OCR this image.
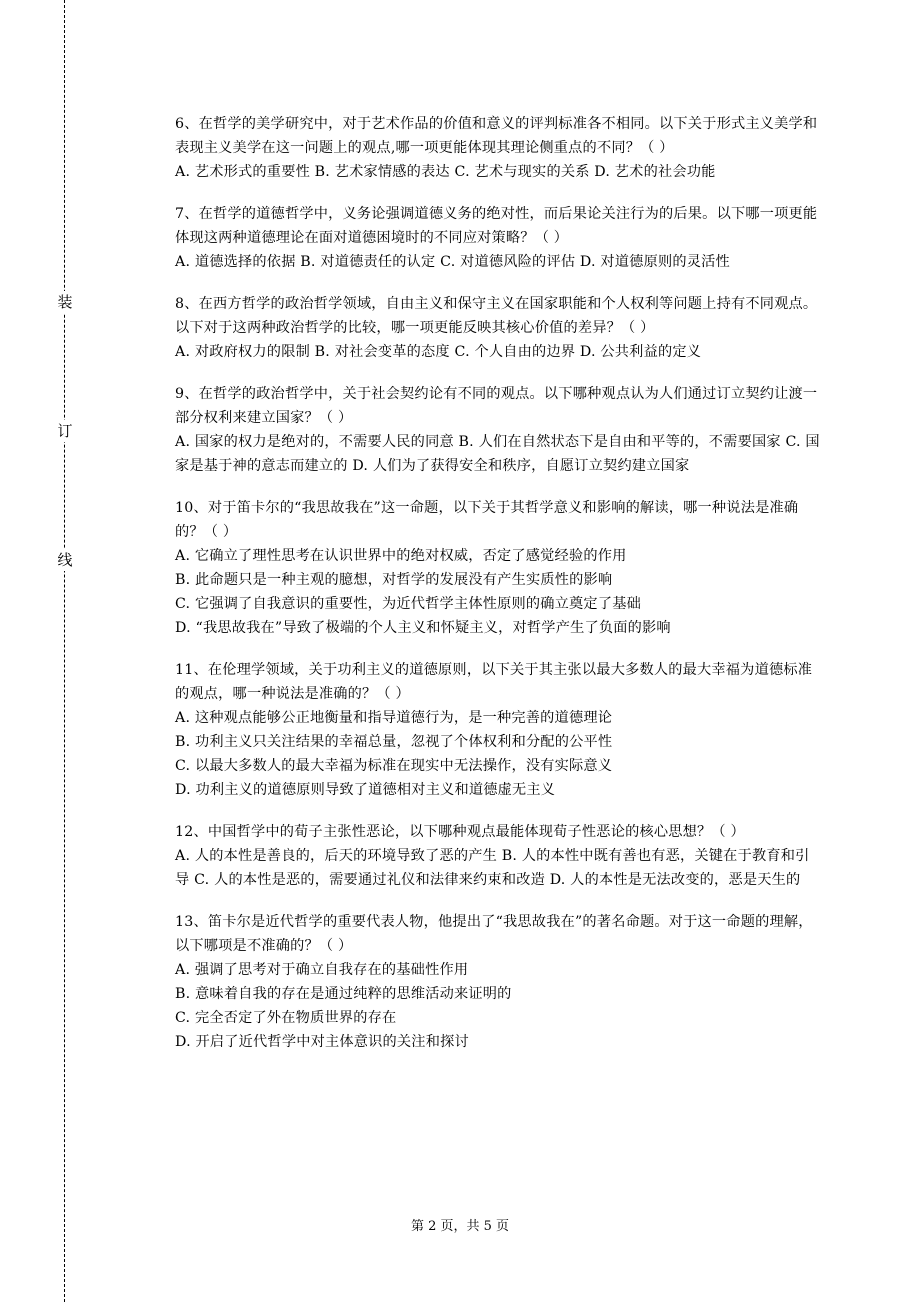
装
订
线

6、在哲学的美学研究中，对于艺术作品的价值和意义的评判标准各不相同。以下关于形式主义美学和表现主义美学在这一问题上的观点,哪一项更能体现其理论侧重点的不同？（ ）

A. 艺术形式的重要性 B. 艺术家情感的表达 C. 艺术与现实的关系 D. 艺术的社会功能

7、在哲学的道德哲学中，义务论强调道德义务的绝对性，而后果论关注行为的后果。以下哪一项更能体现这两种道德理论在面对道德困境时的不同应对策略？（ ）

A. 道德选择的依据 B. 对道德责任的认定 C. 对道德风险的评估 D. 对道德原则的灵活性

8、在西方哲学的政治哲学领域，自由主义和保守主义在国家职能和个人权利等问题上持有不同观点。以下对于这两种政治哲学的比较，哪一项更能反映其核心价值的差异？（ ）

A. 对政府权力的限制 B. 对社会变革的态度 C. 个人自由的边界 D. 公共利益的定义

9、在哲学的政治哲学中，关于社会契约论有不同的观点。以下哪种观点认为人们通过订立契约让渡一部分权利来建立国家？（ ）

A. 国家的权力是绝对的，不需要人民的同意 B. 人们在自然状态下是自由和平等的，不需要国家 C. 国家是基于神的意志而建立的 D. 人们为了获得安全和秩序，自愿订立契约建立国家

10、对于笛卡尔的“我思故我在”这一命题，以下关于其哲学意义和影响的解读，哪一种说法是准确的？（ ）

A. 它确立了理性思考在认识世界中的绝对权威，否定了感觉经验的作用

B. 此命题只是一种主观的臆想，对哲学的发展没有产生实质性的影响

C. 它强调了自我意识的重要性，为近代哲学主体性原则的确立奠定了基础

D. “我思故我在”导致了极端的个人主义和怀疑主义，对哲学产生了负面的影响

11、在伦理学领域，关于功利主义的道德原则，以下关于其主张以最大多数人的最大幸福为道德标准的观点，哪一种说法是准确的？（ ）

A. 这种观点能够公正地衡量和指导道德行为，是一种完善的道德理论

B. 功利主义只关注结果的幸福总量，忽视了个体权利和分配的公平性

C. 以最大多数人的最大幸福为标准在现实中无法操作，没有实际意义

D. 功利主义的道德原则导致了道德相对主义和道德虚无主义

12、中国哲学中的荀子主张性恶论，以下哪种观点最能体现荀子性恶论的核心思想？（ ）

A. 人的本性是善良的，后天的环境导致了恶的产生 B. 人的本性中既有善也有恶，关键在于教育和引导 C. 人的本性是恶的，需要通过礼仪和法律来约束和改造 D. 人的本性是无法改变的，恶是天生的

13、笛卡尔是近代哲学的重要代表人物，他提出了“我思故我在”的著名命题。对于这一命题的理解，以下哪项是不准确的？（ ）

A. 强调了思考对于确立自我存在的基础性作用

B. 意味着自我的存在是通过纯粹的思维活动来证明的

C. 完全否定了外在物质世界的存在

D. 开启了近代哲学中对主体意识的关注和探讨

第 2 页，共 5 页
